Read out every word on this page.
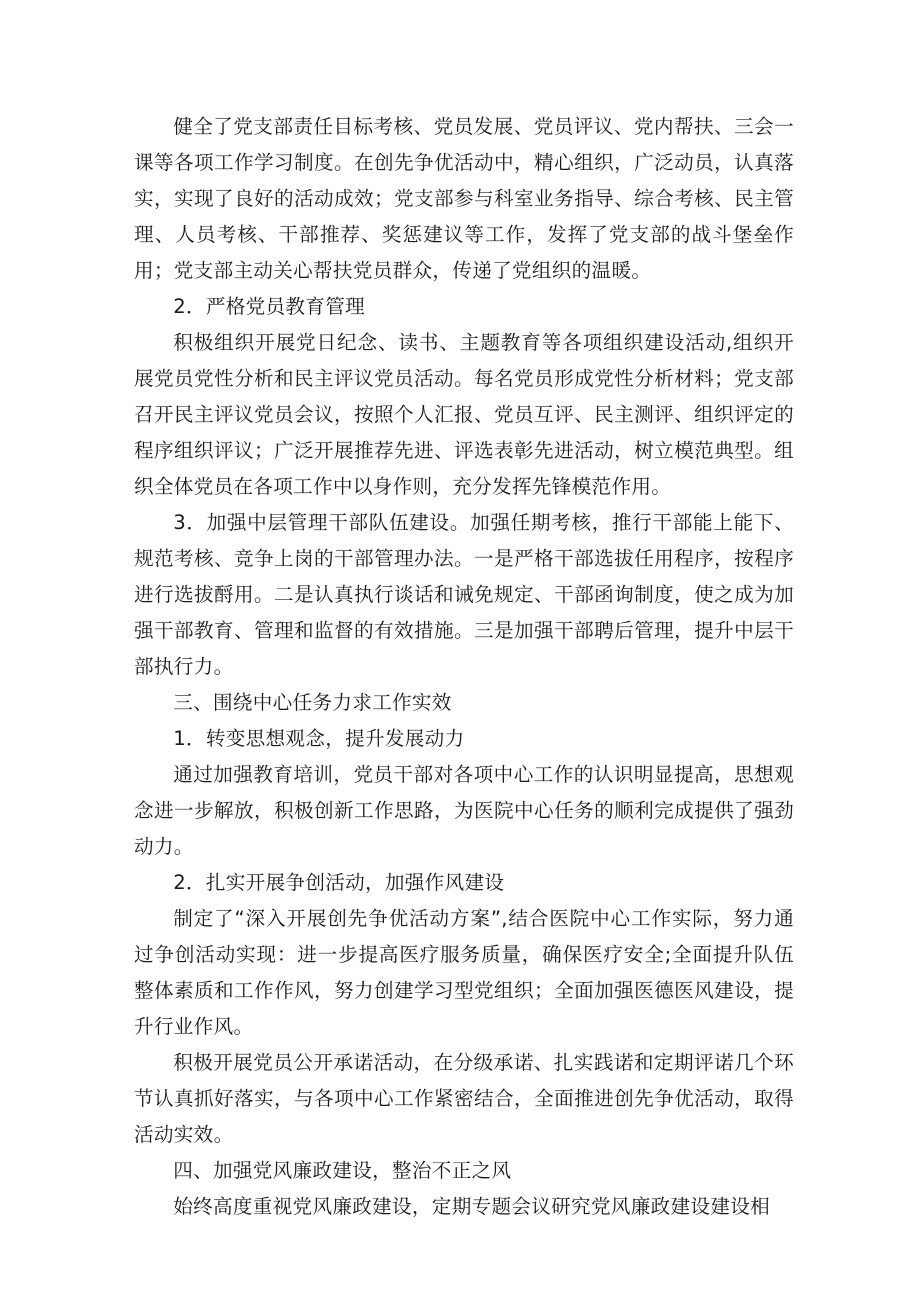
健全了党支部责任目标考核、党员发展、党员评议、党内帮扶、三会一课等各项工作学习制度。在创先争优活动中，精心组织，广泛动员，认真落实，实现了良好的活动成效；党支部参与科室业务指导、综合考核、民主管理、人员考核、干部推荐、奖惩建议等工作，发挥了党支部的战斗堡垒作用；党支部主动关心帮扶党员群众，传递了党组织的温暖。

2．严格党员教育管理

积极组织开展党日纪念、读书、主题教育等各项组织建设活动,组织开展党员党性分析和民主评议党员活动。每名党员形成党性分析材料；党支部召开民主评议党员会议，按照个人汇报、党员互评、民主测评、组织评定的程序组织评议；广泛开展推荐先进、评选表彰先进活动，树立模范典型。组织全体党员在各项工作中以身作则，充分发挥先锋模范作用。

3．加强中层管理干部队伍建设。加强任期考核，推行干部能上能下、规范考核、竞争上岗的干部管理办法。一是严格干部选拔任用程序，按程序进行选拔酹用。二是认真执行谈话和诫免规定、干部函询制度，使之成为加强干部教育、管理和监督的有效措施。三是加强干部聘后管理，提升中层干部执行力。

三、围绕中心任务力求工作实效

1．转变思想观念，提升发展动力

通过加强教育培训，党员干部对各项中心工作的认识明显提高，思想观念进一步解放，积极创新工作思路，为医院中心任务的顺利完成提供了强劲动力。

2．扎实开展争创活动，加强作风建设

制定了“深入开展创先争优活动方案”,结合医院中心工作实际，努力通过争创活动实现：进一步提高医疗服务质量，确保医疗安全;全面提升队伍整体素质和工作作风，努力创建学习型党组织；全面加强医德医风建设，提升行业作风。

积极开展党员公开承诺活动，在分级承诺、扎实践诺和定期评诺几个环节认真抓好落实，与各项中心工作紧密结合，全面推进创先争优活动，取得活动实效。

四、加强党风廉政建设，整治不正之风

始终高度重视党风廉政建设，定期专题会议研究党风廉政建设建设相
